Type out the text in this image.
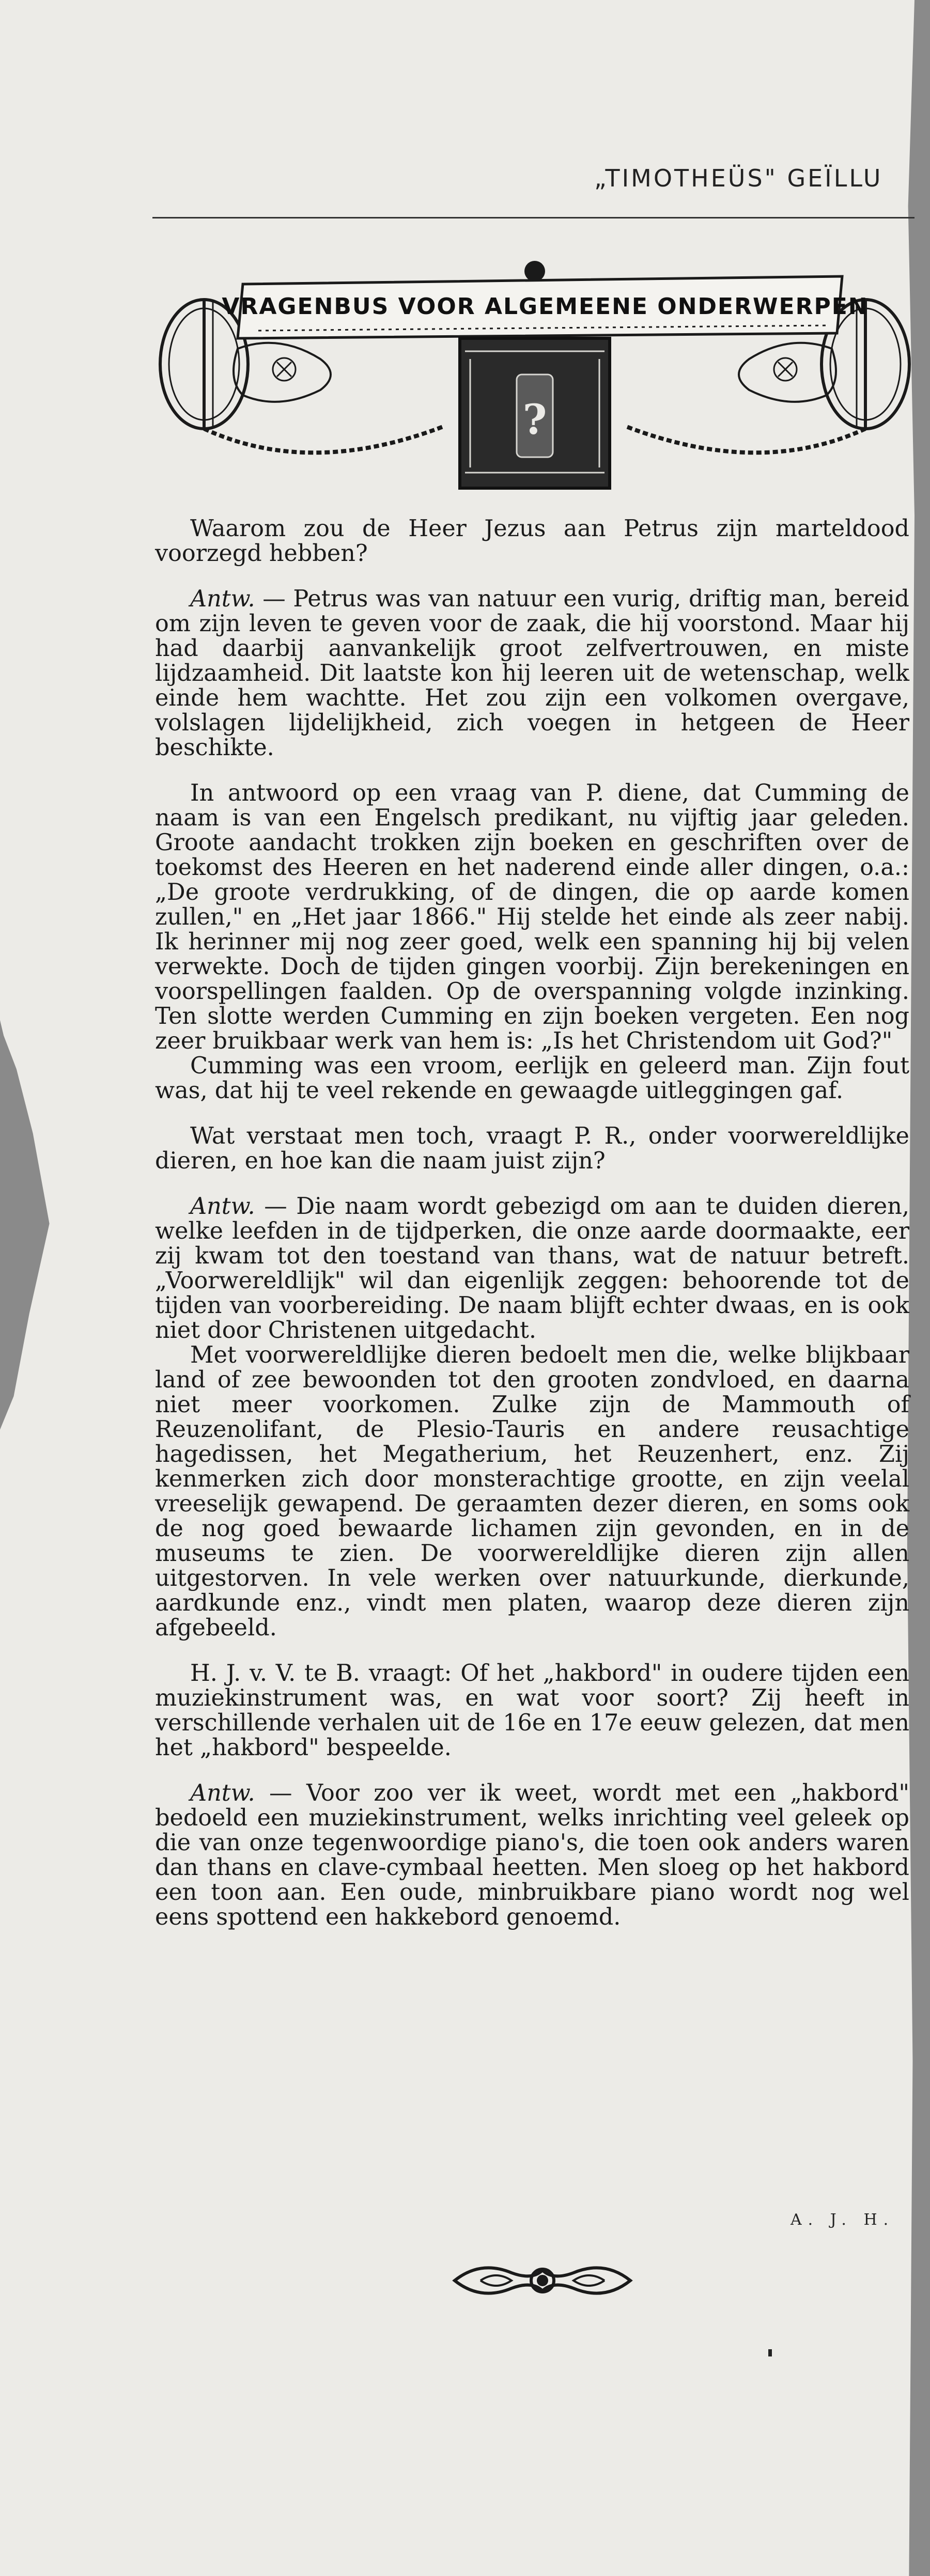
„TIMOTHEÜS" GEÏLLU
?
VRAGENBUS VOOR ALGEMEENE ONDERWERPEN

Waarom zou de Heer Jezus aan Petrus zijn marteldood voorzegd hebben?

Antw. — Petrus was van natuur een vurig, driftig man, bereid om zijn leven te geven voor de zaak, die hij voorstond. Maar hij had daarbij aanvankelijk groot zelfvertrouwen, en miste lijdzaamheid. Dit laatste kon hij leeren uit de wetenschap, welk einde hem wachtte. Het zou zijn een volkomen overgave, volslagen lijdelijkheid, zich voegen in hetgeen de Heer beschikte.

In antwoord op een vraag van P. diene, dat Cumming de naam is van een Engelsch predikant, nu vijftig jaar geleden. Groote aandacht trokken zijn boeken en geschriften over de toekomst des Heeren en het naderend einde aller dingen, o.a.: „De groote verdrukking, of de dingen, die op aarde komen zullen," en „Het jaar 1866." Hij stelde het einde als zeer nabij. Ik herinner mij nog zeer goed, welk een spanning hij bij velen verwekte. Doch de tijden gingen voorbij. Zijn berekeningen en voorspellingen faalden. Op de overspanning volgde inzinking. Ten slotte werden Cumming en zijn boeken vergeten. Een nog zeer bruikbaar werk van hem is: „Is het Christendom uit God?"

Cumming was een vroom, eerlijk en geleerd man. Zijn fout was, dat hij te veel rekende en gewaagde uitleggingen gaf.

Wat verstaat men toch, vraagt P. R., onder voorwereldlijke dieren, en hoe kan die naam juist zijn?

Antw. — Die naam wordt gebezigd om aan te duiden dieren, welke leefden in de tijdperken, die onze aarde doormaakte, eer zij kwam tot den toestand van thans, wat de natuur betreft. „Voorwereldlijk" wil dan eigenlijk zeggen: behoorende tot de tijden van voorbereiding. De naam blijft echter dwaas, en is ook niet door Christenen uitgedacht.

Met voorwereldlijke dieren bedoelt men die, welke blijkbaar land of zee bewoonden tot den grooten zondvloed, en daarna niet meer voorkomen. Zulke zijn de Mammouth of Reuzenolifant, de Plesio-Tauris en andere reusachtige hagedissen, het Megatherium, het Reuzenhert, enz. Zij kenmerken zich door monsterachtige grootte, en zijn veelal vreeselijk gewapend. De geraamten dezer dieren, en soms ook de nog goed bewaarde lichamen zijn gevonden, en in de museums te zien. De voorwereldlijke dieren zijn allen uitgestorven. In vele werken over natuurkunde, dierkunde, aardkunde enz., vindt men platen, waarop deze dieren zijn afgebeeld.

H. J. v. V. te B. vraagt: Of het „hakbord" in oudere tijden een muziekinstrument was, en wat voor soort? Zij heeft in verschillende verhalen uit de 16e en 17e eeuw gelezen, dat men het „hakbord" bespeelde.

Antw. — Voor zoo ver ik weet, wordt met een „hakbord" bedoeld een muziekinstrument, welks inrichting veel geleek op die van onze tegenwoordige piano's, die toen ook anders waren dan thans en clave-cymbaal heetten. Men sloeg op het hakbord een toon aan. Een oude, minbruikbare piano wordt nog wel eens spottend een hakkebord genoemd.

A. J. H.
